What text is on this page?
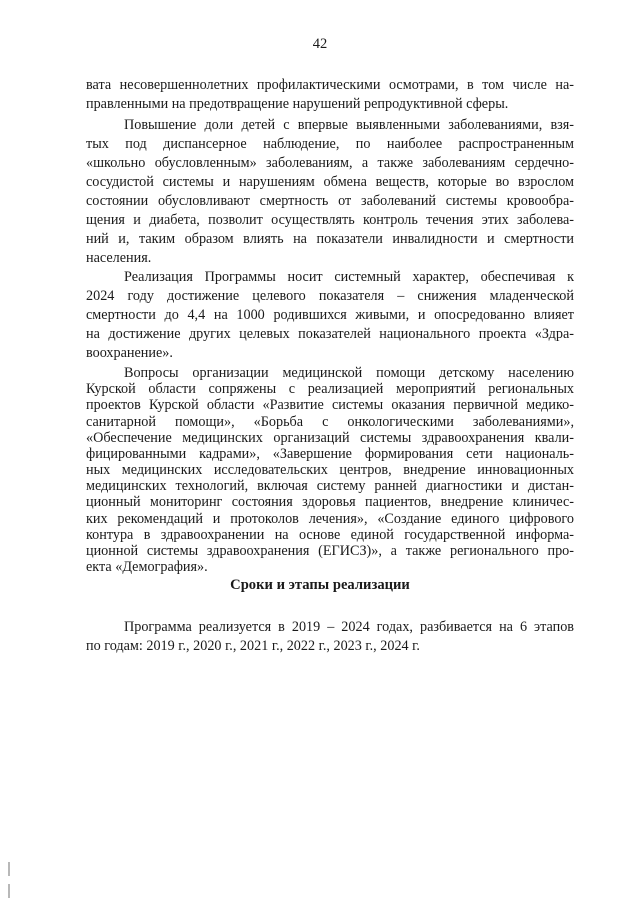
42
вата несовершеннолетних профилактическими осмотрами, в том числе на-
правленными на предотвращение нарушений репродуктивной сферы.
Повышение доли детей с впервые выявленными заболеваниями, взя-
тых под диспансерное наблюдение, по наиболее распространенным
«школьно обусловленным» заболеваниям, а также заболеваниям сердечно-
сосудистой системы и нарушениям обмена веществ, которые во взрослом
состоянии обусловливают смертность от заболеваний системы кровообра-
щения и диабета, позволит осуществлять контроль течения этих заболева-
ний и, таким образом влиять на показатели инвалидности и смертности
населения.
Реализация Программы носит системный характер, обеспечивая к
2024 году достижение целевого показателя – снижения младенческой
смертности до 4,4 на 1000 родившихся живыми, и опосредованно влияет
на достижение других целевых показателей национального проекта «Здра-
воохранение».
Вопросы организации медицинской помощи детскому населению
Курской области сопряжены с реализацией мероприятий региональных
проектов Курской области «Развитие системы оказания первичной медико-
санитарной помощи», «Борьба с онкологическими заболеваниями»,
«Обеспечение медицинских организаций системы здравоохранения квали-
фицированными кадрами», «Завершение формирования сети националь-
ных медицинских исследовательских центров, внедрение инновационных
медицинских технологий, включая систему ранней диагностики и дистан-
ционный мониторинг состояния здоровья пациентов, внедрение клиничес-
ких рекомендаций и протоколов лечения», «Создание единого цифрового
контура в здравоохранении на основе единой государственной информа-
ционной системы здравоохранения (ЕГИСЗ)», а также регионального про-
екта «Демография».
Сроки и этапы реализации
Программа реализуется в 2019 – 2024 годах, разбивается на 6 этапов
по годам: 2019 г., 2020 г., 2021 г., 2022 г., 2023 г., 2024 г.
